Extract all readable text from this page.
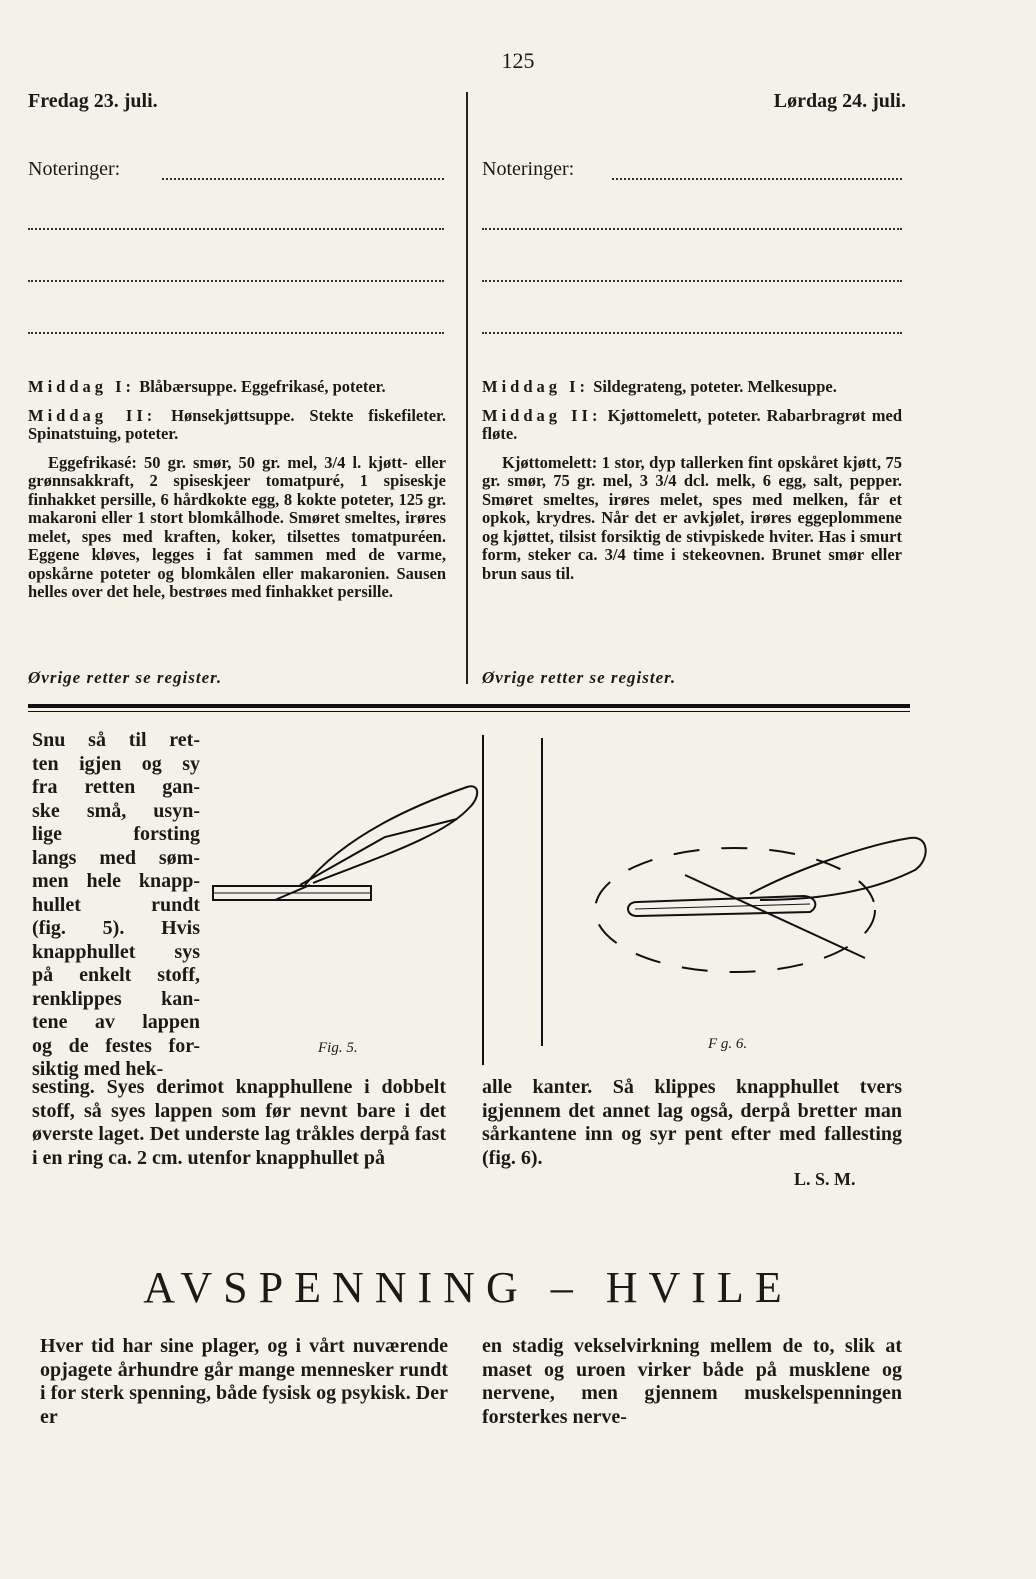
125
Fredag 23. juli.	Lørdag 24. juli.
Noteringer:	Noteringer:

Middag I: Blåbærsuppe. Eggefrikasé, poteter.

Middag II: Hønsekjøttsuppe. Stekte fiskefileter. Spinatstuing, poteter.

Eggefrikasé: 50 gr. smør, 50 gr. mel, 3/4 l. kjøtt- eller grønnsakkraft, 2 spiseskjeer tomatpuré, 1 spiseskje finhakket persille, 6 hårdkokte egg, 8 kokte poteter, 125 gr. makaroni eller 1 stort blomkålhode. Smøret smeltes, irøres melet, spes med kraften, koker, tilsettes tomatpuréen. Eggene kløves, legges i fat sammen med de varme, opskårne poteter og blomkålen eller makaronien. Sausen helles over det hele, bestrøes med finhakket persille.

Øvrige retter se register.

Middag I: Sildegrateng, poteter. Melkesuppe.

Middag II: Kjøttomelett, poteter. Rabarbragrøt med fløte.

Kjøttomelett: 1 stor, dyp tallerken fint opskåret kjøtt, 75 gr. smør, 75 gr. mel, 3 3/4 dcl. melk, 6 egg, salt, pepper. Smøret smeltes, irøres melet, spes med melken, får et opkok, krydres. Når det er avkjølet, irøres eggeplommene og kjøttet, tilsist forsiktig de stivpiskede hviter. Has i smurt form, steker ca. 3/4 time i stekeovnen. Brunet smør eller brun saus til.

Øvrige retter se register.
Snu så til ret-
ten igjen og sy
fra retten gan-
ske små, usyn-
lige forsting
langs med søm-
men hele knapp-
hullet rundt
(fig. 5). Hvis
knapphullet sys
på enkelt stoff,
renklippes kan-
tene av lappen
og de festes for-
siktig med hek-
Fig. 5.	F g. 6.

sesting. Syes derimot knapphullene i dobbelt stoff, så syes lappen som før nevnt bare i det øverste laget. Det underste lag tråkles derpå fast i en ring ca. 2 cm. utenfor knapphullet på

alle kanter. Så klippes knapphullet tvers igjennem det annet lag også, derpå bretter man sårkantene inn og syr pent efter med fallesting (fig. 6).

L. S. M.
AVSPENNING – HVILE

Hver tid har sine plager, og i vårt nuværende opjagete århundre går mange mennesker rundt i for sterk spenning, både fysisk og psykisk. Der er

en stadig vekselvirkning mellem de to, slik at maset og uroen virker både på musklene og nervene, men gjennem muskelspenningen forsterkes nerve-
